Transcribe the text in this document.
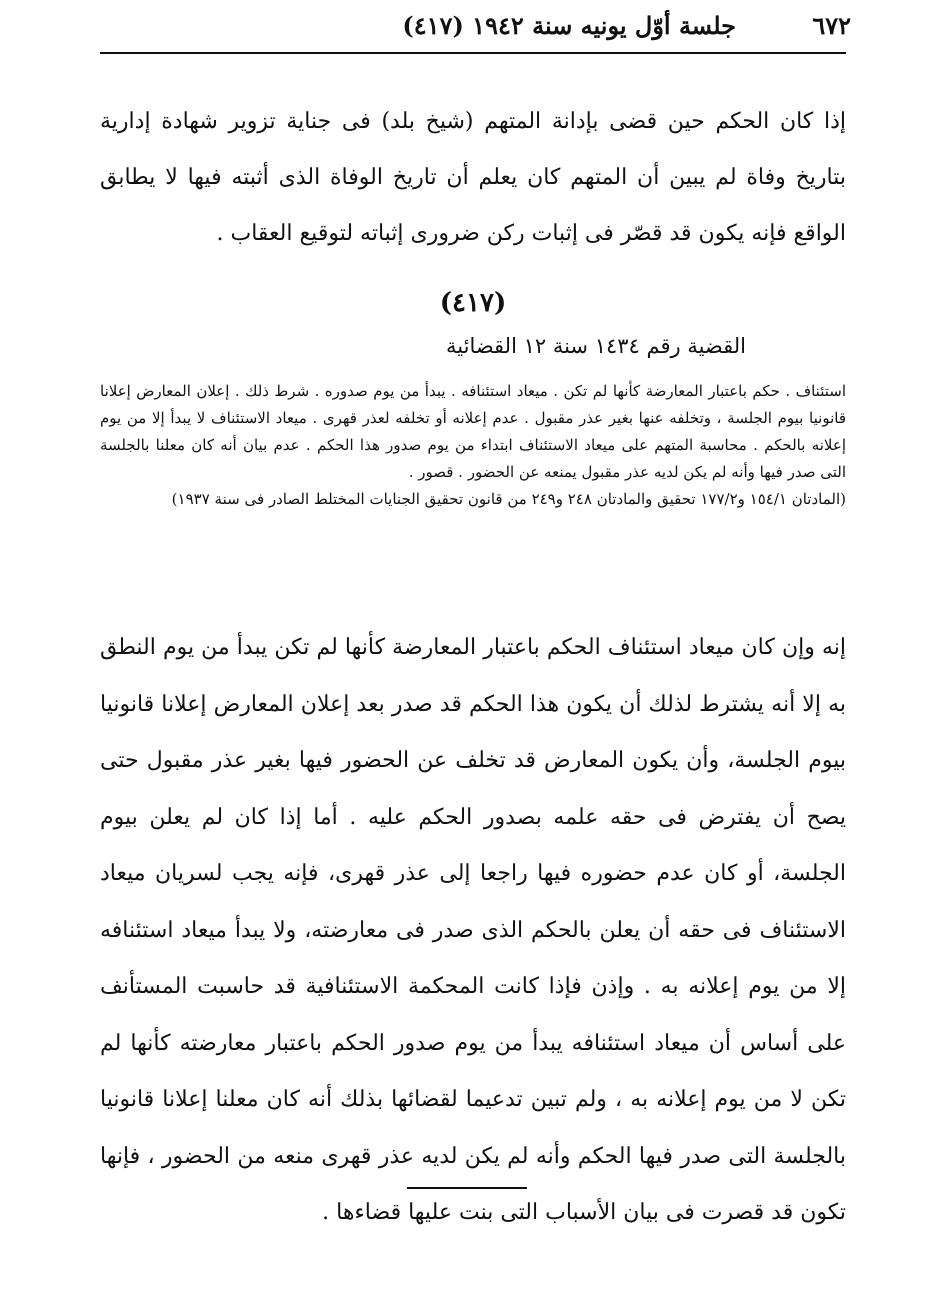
٦٧٢
جلسة أوّل يونيه سنة ١٩٤٢ (٤١٧)

إذا كان الحكم حين قضى بإدانة المتهم (شيخ بلد) فى جناية تزوير شهادة إدارية بتاريخ وفاة لم يبين أن المتهم كان يعلم أن تاريخ الوفاة الذى أثبته فيها لا يطابق الواقع فإنه يكون قد قصّر فى إثبات ركن ضرورى إثباته لتوقيع العقاب .

(٤١٧)
القضية رقم ١٤٣٤ سنة ١٢ القضائية
استئناف . حكم باعتبار المعارضة كأنها لم تكن . ميعاد استئنافه . يبدأ من يوم صدوره . شرط ذلك . إعلان المعارض إعلانا قانونيا بيوم الجلسة ، وتخلفه عنها بغير عذر مقبول . عدم إعلانه أو تخلفه لعذر قهرى . ميعاد الاستئناف لا يبدأ إلا من يوم إعلانه بالحكم . محاسبة المتهم على ميعاد الاستئناف ابتداء من يوم صدور هذا الحكم . عدم بيان أنه كان معلنا بالجلسة التى صدر فيها وأنه لم يكن لديه عذر مقبول يمنعه عن الحضور . قصور .
(المادتان ١٥٤/١ و١٧٧/٢ تحقيق والمادتان ٢٤٨ و٢٤٩ من قانون تحقيق الجنايات المختلط الصادر فى سنة ١٩٣٧)

إنه وإن كان ميعاد استئناف الحكم باعتبار المعارضة كأنها لم تكن يبدأ من يوم النطق به إلا أنه يشترط لذلك أن يكون هذا الحكم قد صدر بعد إعلان المعارض إعلانا قانونيا بيوم الجلسة، وأن يكون المعارض قد تخلف عن الحضور فيها بغير عذر مقبول حتى يصح أن يفترض فى حقه علمه بصدور الحكم عليه . أما إذا كان لم يعلن بيوم الجلسة، أو كان عدم حضوره فيها راجعا إلى عذر قهرى، فإنه يجب لسريان ميعاد الاستئناف فى حقه أن يعلن بالحكم الذى صدر فى معارضته، ولا يبدأ ميعاد استئنافه إلا من يوم إعلانه به . وإذن فإذا كانت المحكمة الاستئنافية قد حاسبت المستأنف على أساس أن ميعاد استئنافه يبدأ من يوم صدور الحكم باعتبار معارضته كأنها لم تكن لا من يوم إعلانه به ، ولم تبين تدعيما لقضائها بذلك أنه كان معلنا إعلانا قانونيا بالجلسة التى صدر فيها الحكم وأنه لم يكن لديه عذر قهرى منعه من الحضور ، فإنها تكون قد قصرت فى بيان الأسباب التى بنت عليها قضاءها .
